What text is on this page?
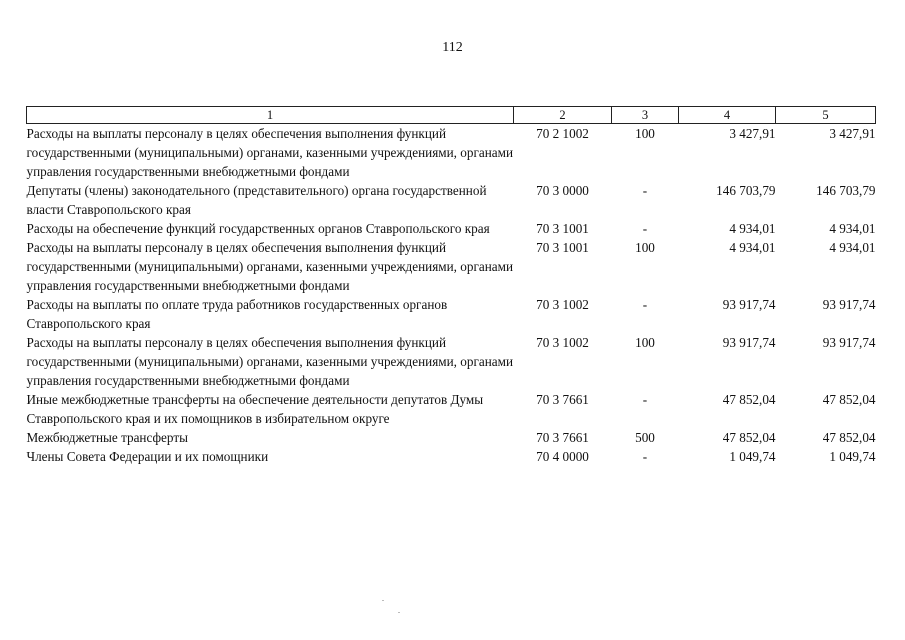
112
1	2	3	4	5
Расходы на выплаты персоналу в целях обеспечения выполнения функций государственными (муниципальными) органами, казенными учреждениями, органами управления государственными внебюджетными фондами	70 2 1002	100	3 427,91	3 427,91
Депутаты (члены) законодательного (представительного) органа государственной власти Ставропольского края	70 3 0000	-	146 703,79	146 703,79
Расходы на обеспечение функций государственных органов Ставропольского края	70 3 1001	-	4 934,01	4 934,01
Расходы на выплаты персоналу в целях обеспечения выполнения функций государственными (муниципальными) органами, казенными учреждениями, органами управления государственными внебюджетными фондами	70 3 1001	100	4 934,01	4 934,01
Расходы на выплаты по оплате труда работников государственных органов Ставропольского края	70 3 1002	-	93 917,74	93 917,74
Расходы на выплаты персоналу в целях обеспечения выполнения функций государственными (муниципальными) органами, казенными учреждениями, органами управления государственными внебюджетными фондами	70 3 1002	100	93 917,74	93 917,74
Иные межбюджетные трансферты на обеспечение деятельности депутатов Думы Ставропольского края и их помощников в избирательном округе	70 3 7661	-	47 852,04	47 852,04
Межбюджетные трансферты	70 3 7661	500	47 852,04	47 852,04
Члены Совета Федерации и их помощники	70 4 0000	-	1 049,74	1 049,74
